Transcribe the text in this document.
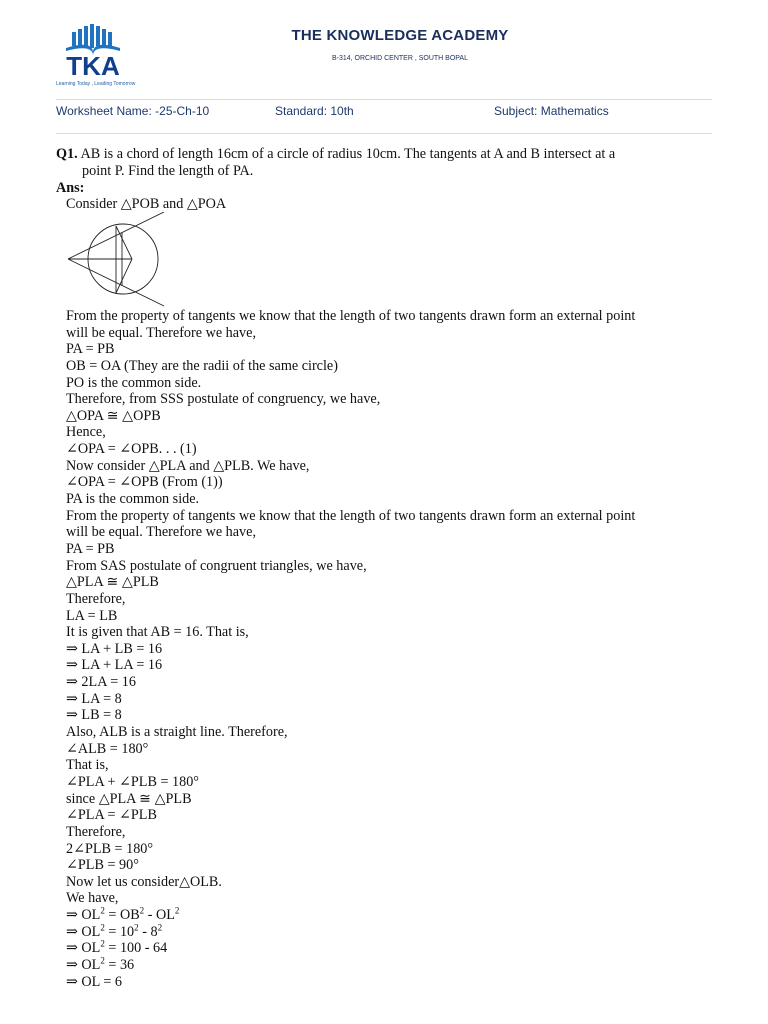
TKA
Learning Today , Leading Tomorrow
THE KNOWLEDGE ACADEMY
B-314, ORCHID CENTER , SOUTH BOPAL
Worksheet Name: -25-Ch-10	Standard: 10th	Subject: Mathematics
Q1. AB is a chord of length 16cm of a circle of radius 10cm. The tangents at A and B intersect at a
point P. Find the length of PA.
Ans:
Consider △POB and △POA
From the property of tangents we know that the length of two tangents drawn form an external point
will be equal. Therefore we have,
PA = PB
OB = OA (They are the radii of the same circle)
PO is the common side.
Therefore, from SSS postulate of congruency, we have,
△OPA ≅ △OPB
Hence,
∠OPA = ∠OPB. . . (1)
Now consider △PLA and △PLB. We have,
∠OPA = ∠OPB (From (1))
PA is the common side.
From the property of tangents we know that the length of two tangents drawn form an external point
will be equal. Therefore we have,
PA = PB
From SAS postulate of congruent triangles, we have,
△PLA ≅ △PLB
Therefore,
LA = LB
It is given that AB = 16. That is,
⇒ LA + LB = 16
⇒ LA + LA = 16
⇒ 2LA = 16
⇒ LA = 8
⇒ LB = 8
Also, ALB is a straight line. Therefore,
∠ALB = 180°
That is,
∠PLA + ∠PLB = 180°
since △PLA ≅ △PLB
∠PLA = ∠PLB
Therefore,
2∠PLB = 180°
∠PLB = 90°
Now let us consider△OLB.
We have,
⇒ $OL^2 = OB^2 - OL^2$
⇒ $OL^2 = 10^2 - 8^2$
⇒ $OL^2 = 100 - 64$
⇒ $OL^2 = 36$
⇒ OL = 6
